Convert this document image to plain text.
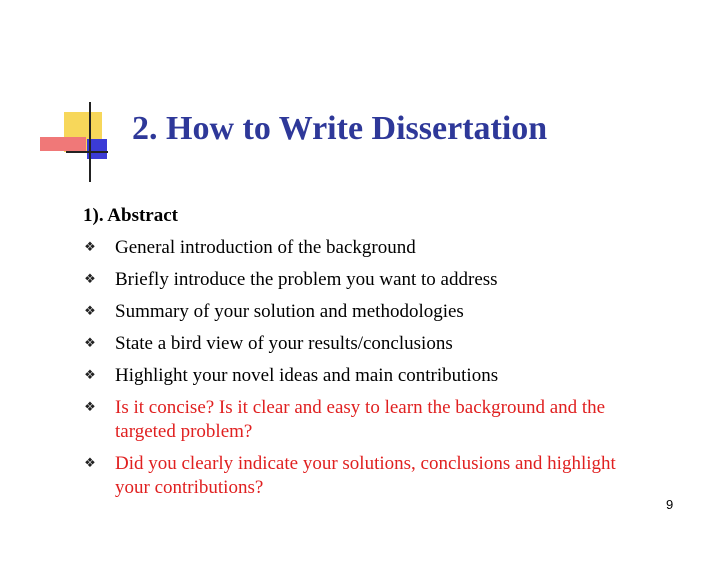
2. How to Write Dissertation

1). Abstract

❖ General introduction of the background
❖ Briefly introduce the problem you want to address
❖ Summary of your solution and methodologies
❖ State a bird view of your results/conclusions
❖ Highlight your novel ideas and main contributions
❖ Is it concise? Is it clear and easy to learn the background and the targeted problem?
❖ Did you clearly indicate your solutions, conclusions and highlight your contributions?
9
